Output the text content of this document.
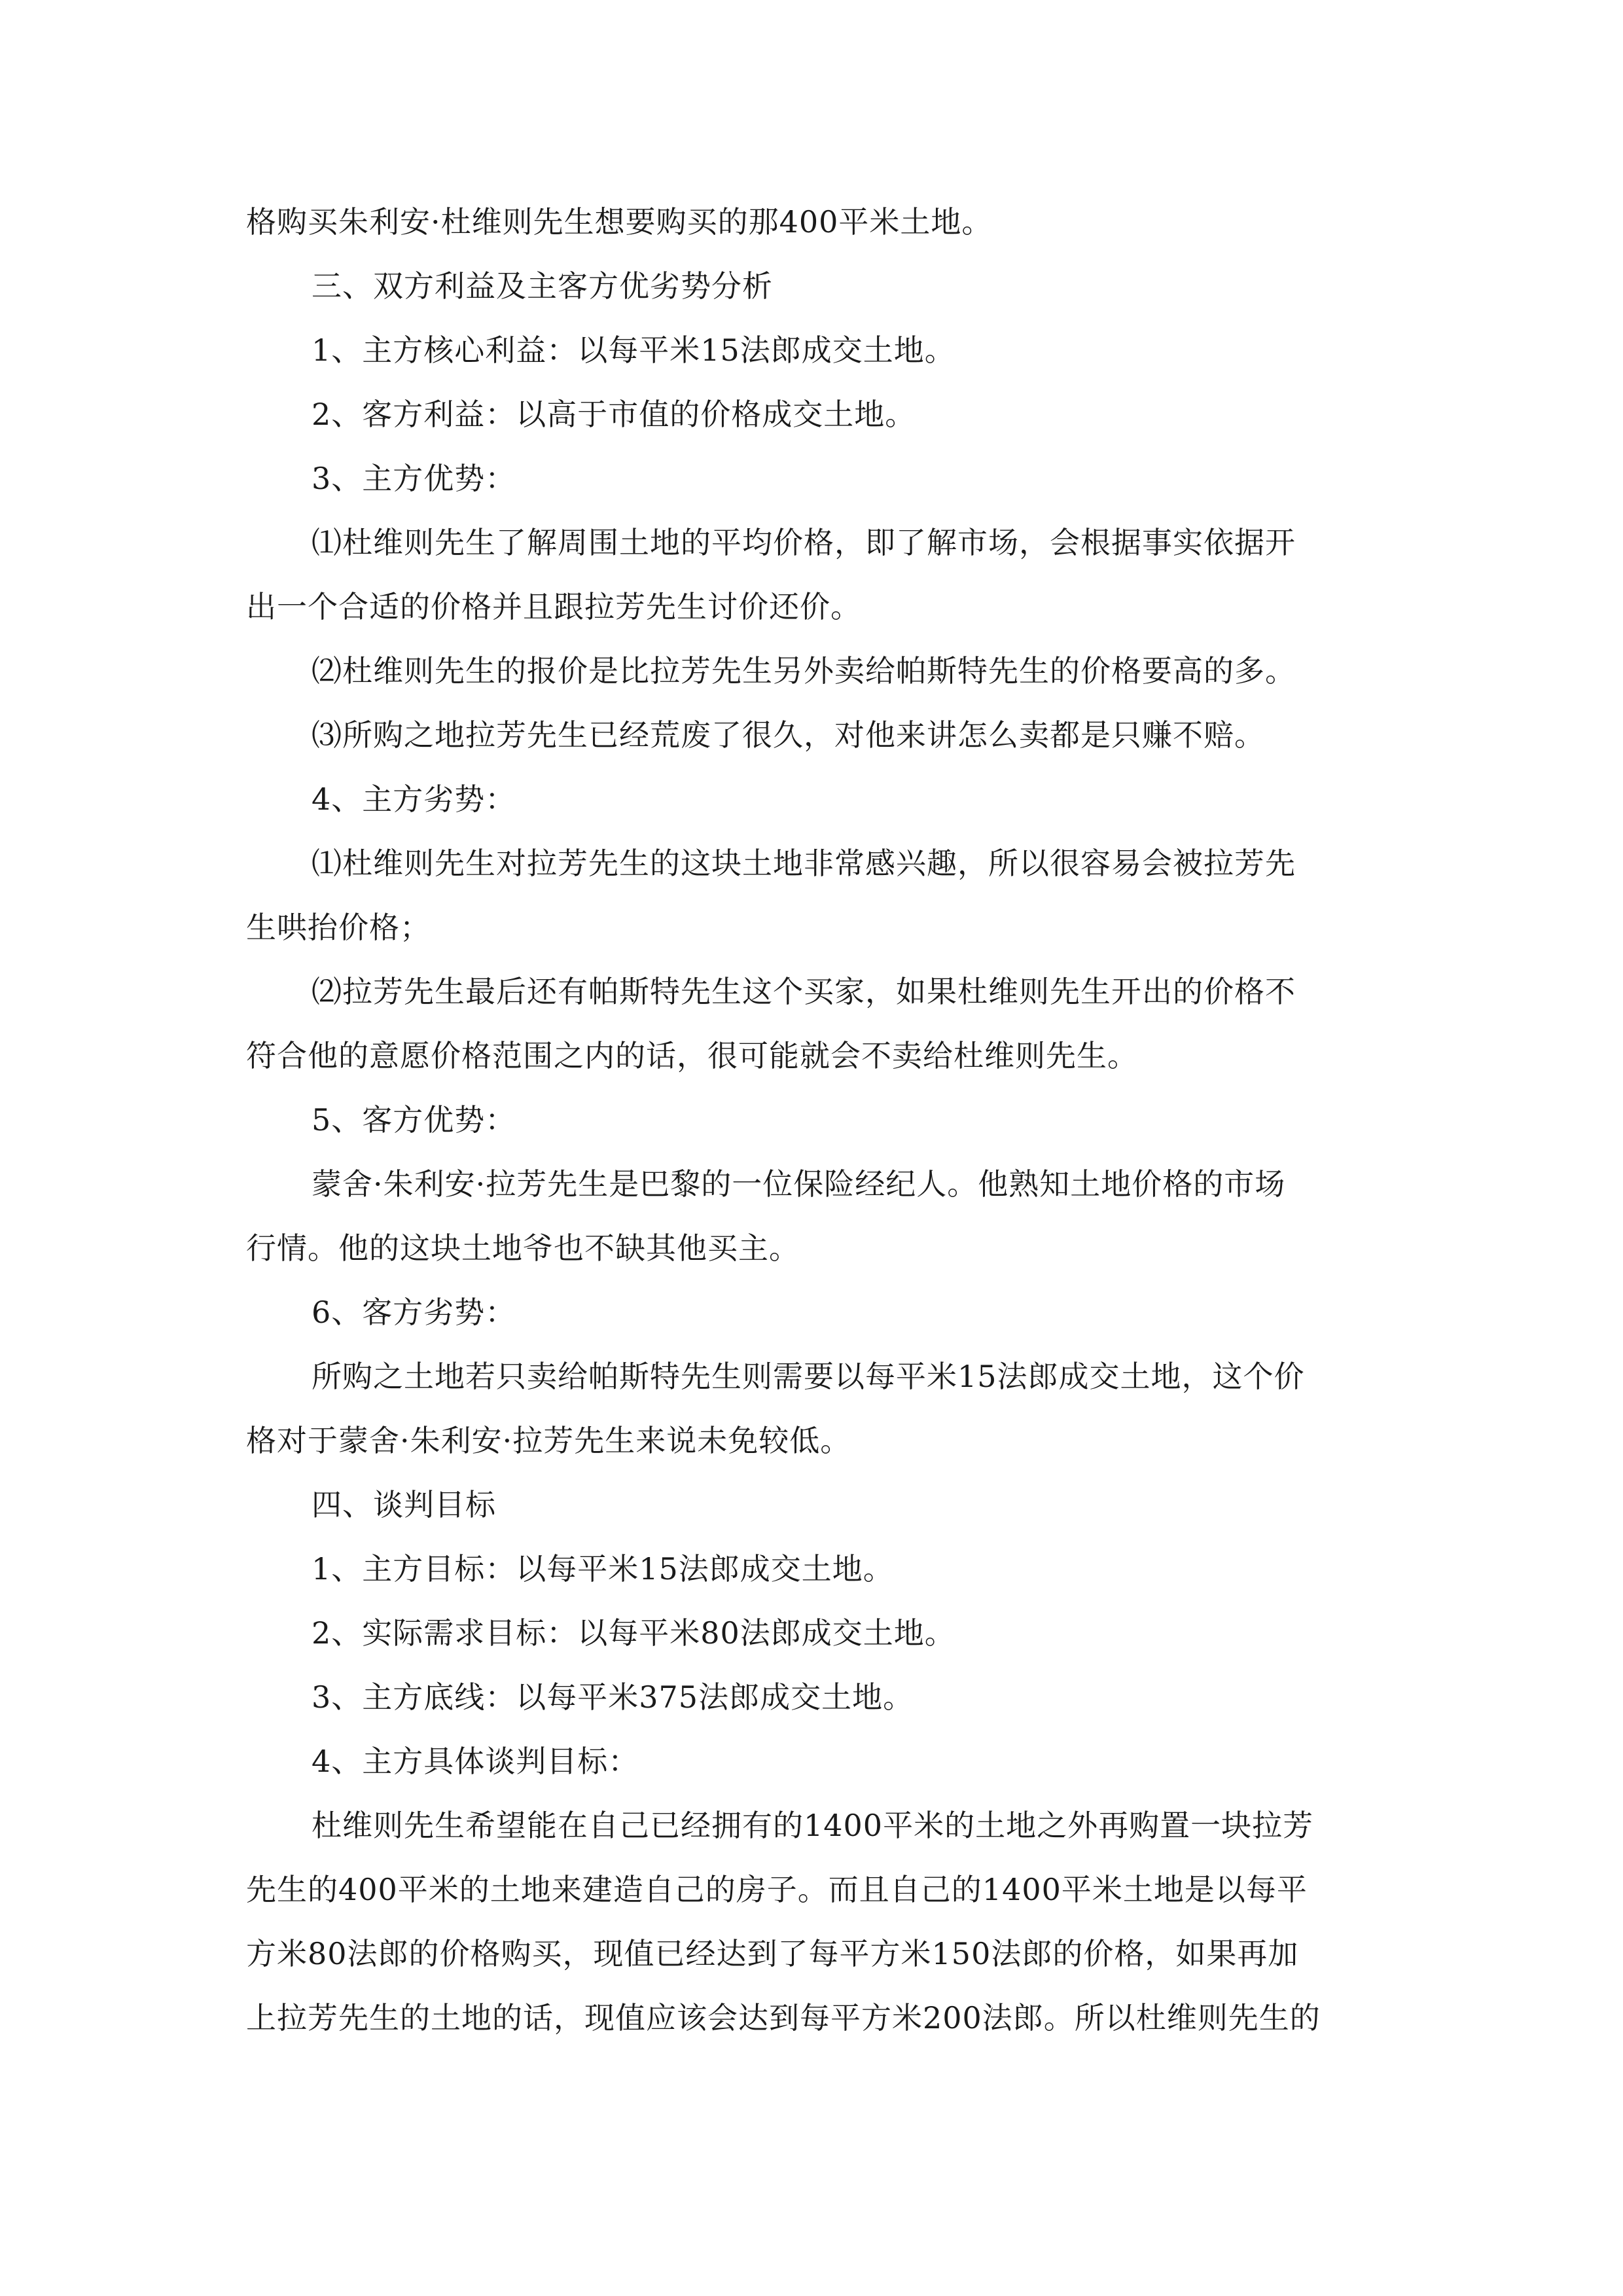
格购买朱利安·杜维则先生想要购买的那400平米土地。
三、双方利益及主客方优劣势分析
1、主方核心利益：以每平米15法郎成交土地。
2、客方利益：以高于市值的价格成交土地。
3、主方优势：
⑴杜维则先生了解周围土地的平均价格，即了解市场，会根据事实依据开
出一个合适的价格并且跟拉芳先生讨价还价。
⑵杜维则先生的报价是比拉芳先生另外卖给帕斯特先生的价格要高的多。
⑶所购之地拉芳先生已经荒废了很久，对他来讲怎么卖都是只赚不赔。
4、主方劣势：
⑴杜维则先生对拉芳先生的这块土地非常感兴趣，所以很容易会被拉芳先
生哄抬价格；
⑵拉芳先生最后还有帕斯特先生这个买家，如果杜维则先生开出的价格不
符合他的意愿价格范围之内的话，很可能就会不卖给杜维则先生。
5、客方优势：
蒙舍·朱利安·拉芳先生是巴黎的一位保险经纪人。他熟知土地价格的市场
行情。他的这块土地爷也不缺其他买主。
6、客方劣势：
所购之土地若只卖给帕斯特先生则需要以每平米15法郎成交土地，这个价
格对于蒙舍·朱利安·拉芳先生来说未免较低。
四、谈判目标
1、主方目标：以每平米15法郎成交土地。
2、实际需求目标：以每平米80法郎成交土地。
3、主方底线：以每平米375法郎成交土地。
4、主方具体谈判目标：
杜维则先生希望能在自己已经拥有的1400平米的土地之外再购置一块拉芳
先生的400平米的土地来建造自己的房子。而且自己的1400平米土地是以每平
方米80法郎的价格购买，现值已经达到了每平方米150法郎的价格，如果再加
上拉芳先生的土地的话，现值应该会达到每平方米200法郎。所以杜维则先生的
